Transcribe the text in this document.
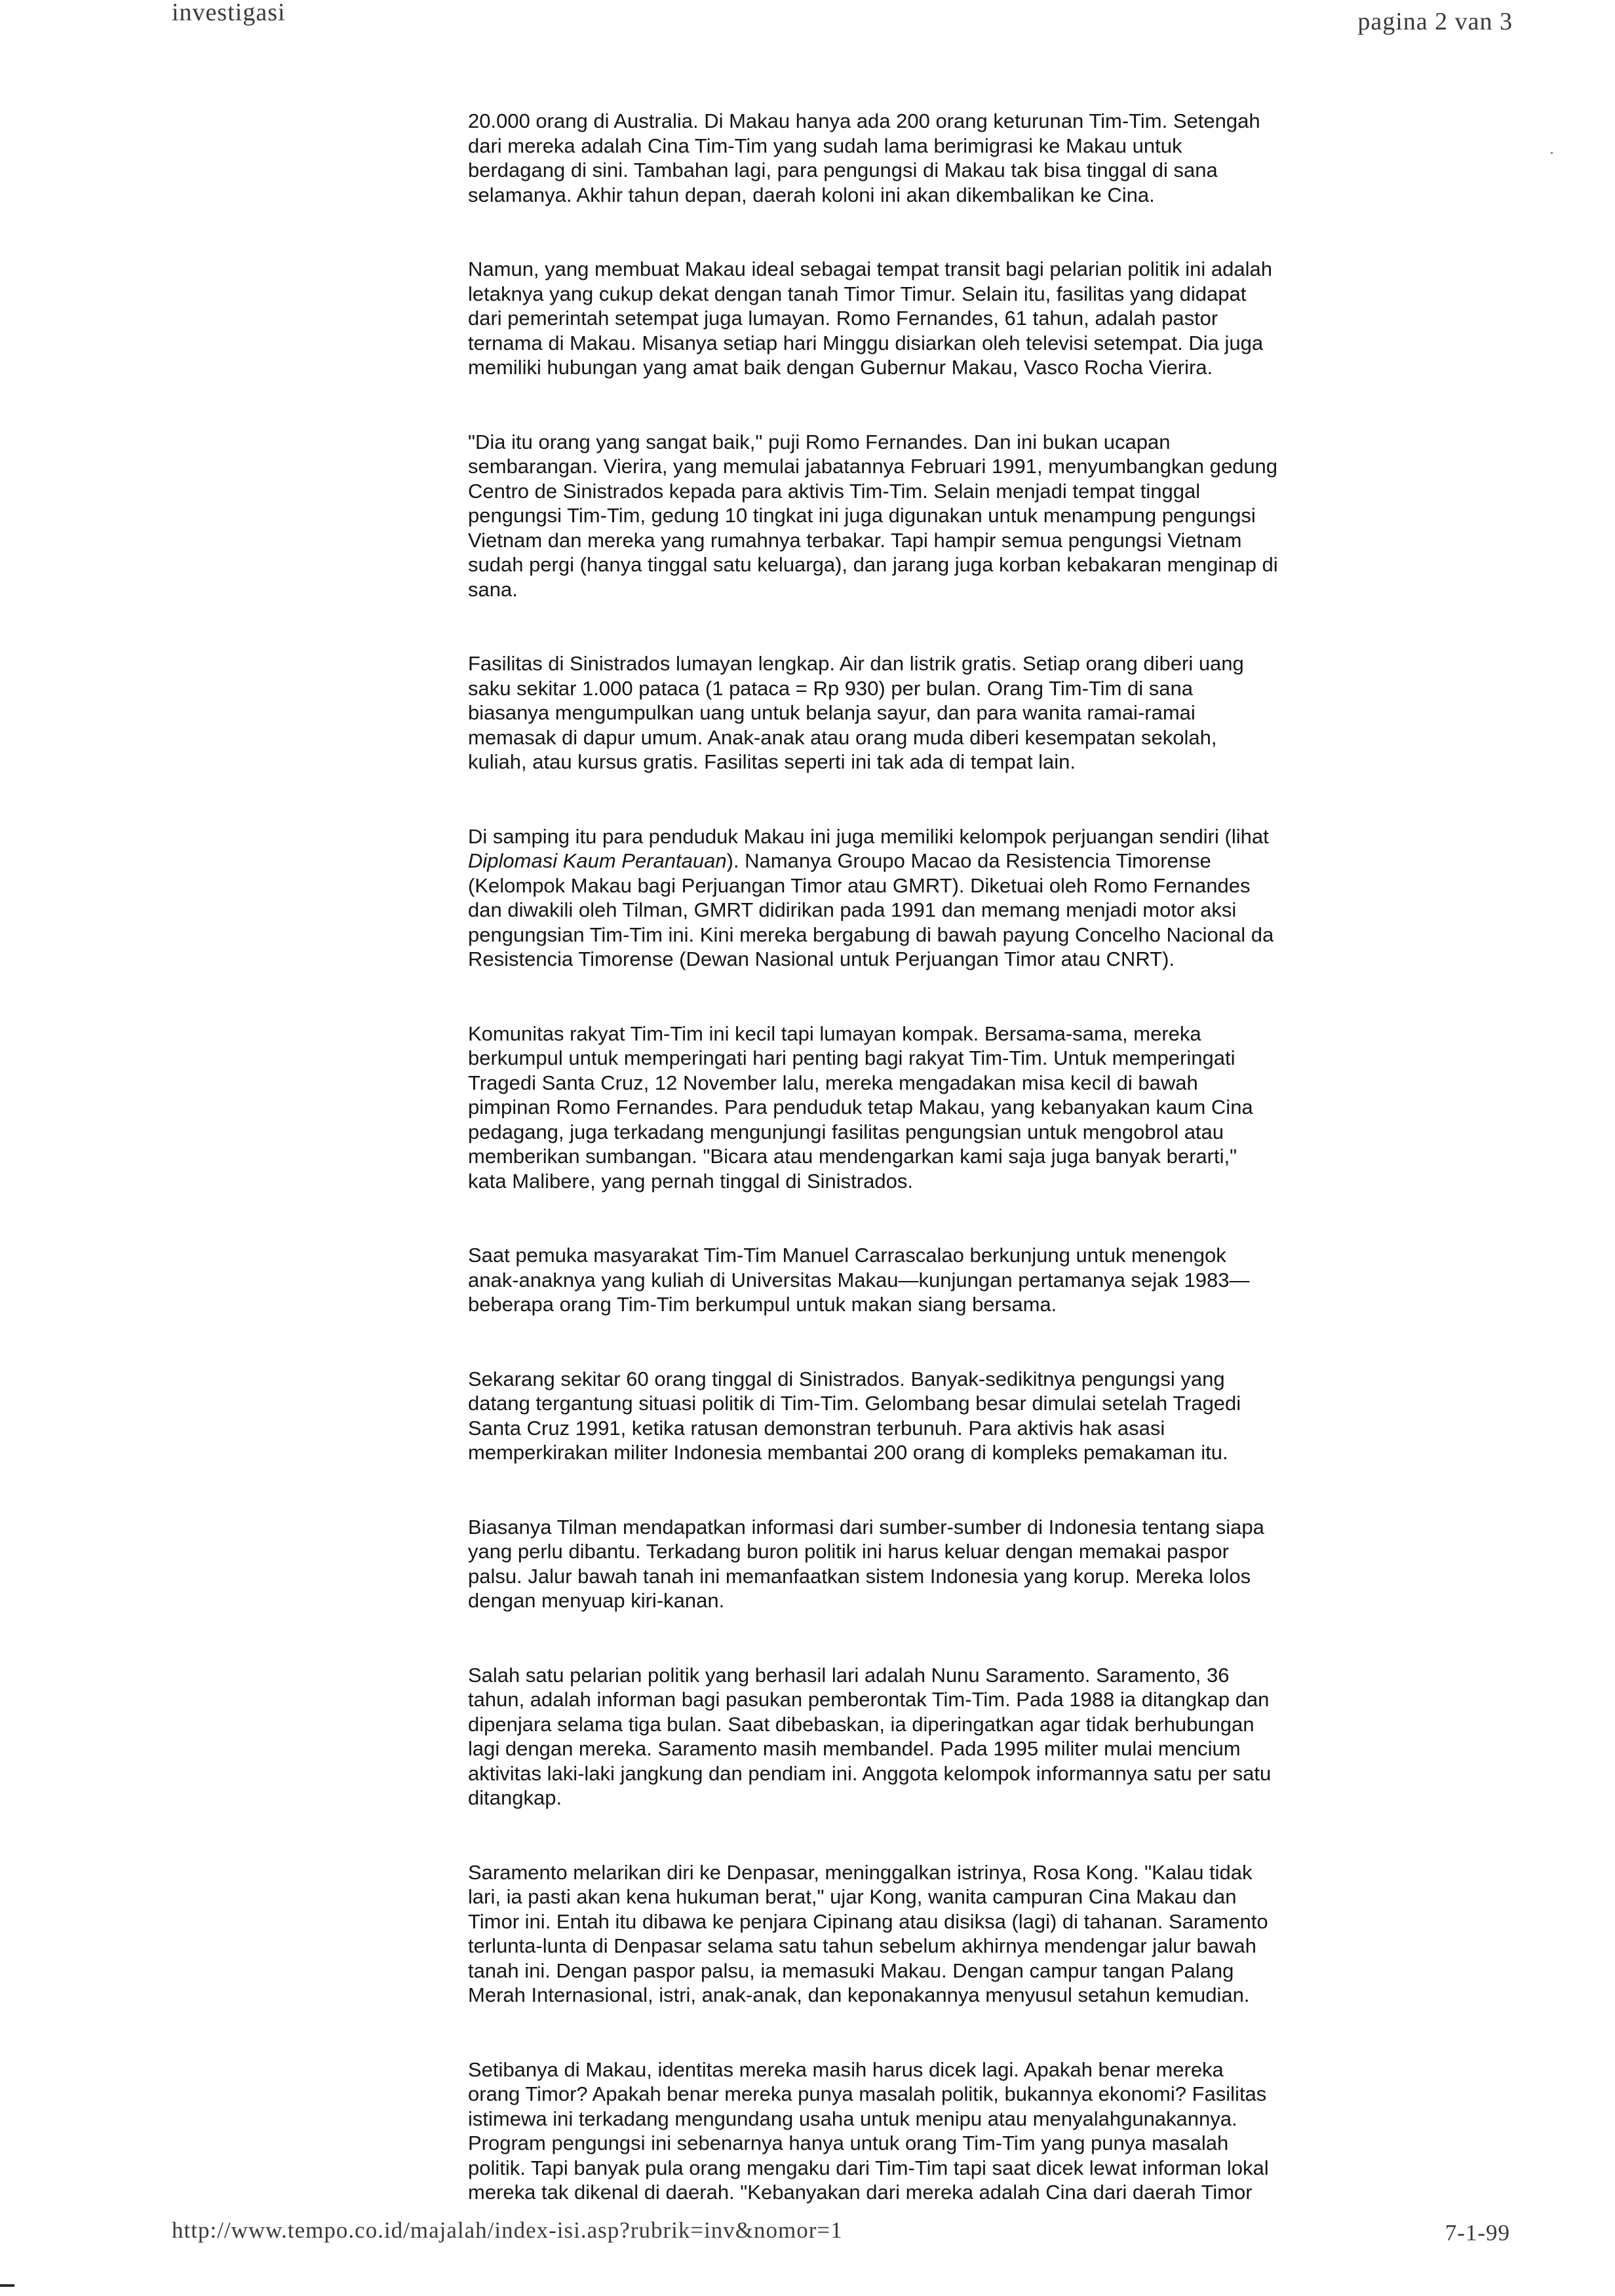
investigasi	pagina 2 van 3

20.000 orang di Australia. Di Makau hanya ada 200 orang keturunan Tim-Tim. Setengah
dari mereka adalah Cina Tim-Tim yang sudah lama berimigrasi ke Makau untuk
berdagang di sini. Tambahan lagi, para pengungsi di Makau tak bisa tinggal di sana
selamanya. Akhir tahun depan, daerah koloni ini akan dikembalikan ke Cina.

Namun, yang membuat Makau ideal sebagai tempat transit bagi pelarian politik ini adalah
letaknya yang cukup dekat dengan tanah Timor Timur. Selain itu, fasilitas yang didapat
dari pemerintah setempat juga lumayan. Romo Fernandes, 61 tahun, adalah pastor
ternama di Makau. Misanya setiap hari Minggu disiarkan oleh televisi setempat. Dia juga
memiliki hubungan yang amat baik dengan Gubernur Makau, Vasco Rocha Vierira.

"Dia itu orang yang sangat baik," puji Romo Fernandes. Dan ini bukan ucapan
sembarangan. Vierira, yang memulai jabatannya Februari 1991, menyumbangkan gedung
Centro de Sinistrados kepada para aktivis Tim-Tim. Selain menjadi tempat tinggal
pengungsi Tim-Tim, gedung 10 tingkat ini juga digunakan untuk menampung pengungsi
Vietnam dan mereka yang rumahnya terbakar. Tapi hampir semua pengungsi Vietnam
sudah pergi (hanya tinggal satu keluarga), dan jarang juga korban kebakaran menginap di
sana.

Fasilitas di Sinistrados lumayan lengkap. Air dan listrik gratis. Setiap orang diberi uang
saku sekitar 1.000 pataca (1 pataca = Rp 930) per bulan. Orang Tim-Tim di sana
biasanya mengumpulkan uang untuk belanja sayur, dan para wanita ramai-ramai
memasak di dapur umum. Anak-anak atau orang muda diberi kesempatan sekolah,
kuliah, atau kursus gratis. Fasilitas seperti ini tak ada di tempat lain.

Di samping itu para penduduk Makau ini juga memiliki kelompok perjuangan sendiri (lihat
Diplomasi Kaum Perantauan). Namanya Groupo Macao da Resistencia Timorense
(Kelompok Makau bagi Perjuangan Timor atau GMRT). Diketuai oleh Romo Fernandes
dan diwakili oleh Tilman, GMRT didirikan pada 1991 dan memang menjadi motor aksi
pengungsian Tim-Tim ini. Kini mereka bergabung di bawah payung Concelho Nacional da
Resistencia Timorense (Dewan Nasional untuk Perjuangan Timor atau CNRT).

Komunitas rakyat Tim-Tim ini kecil tapi lumayan kompak. Bersama-sama, mereka
berkumpul untuk memperingati hari penting bagi rakyat Tim-Tim. Untuk memperingati
Tragedi Santa Cruz, 12 November lalu, mereka mengadakan misa kecil di bawah
pimpinan Romo Fernandes. Para penduduk tetap Makau, yang kebanyakan kaum Cina
pedagang, juga terkadang mengunjungi fasilitas pengungsian untuk mengobrol atau
memberikan sumbangan. "Bicara atau mendengarkan kami saja juga banyak berarti,"
kata Malibere, yang pernah tinggal di Sinistrados.

Saat pemuka masyarakat Tim-Tim Manuel Carrascalao berkunjung untuk menengok
anak-anaknya yang kuliah di Universitas Makau—kunjungan pertamanya sejak 1983—
beberapa orang Tim-Tim berkumpul untuk makan siang bersama.

Sekarang sekitar 60 orang tinggal di Sinistrados. Banyak-sedikitnya pengungsi yang
datang tergantung situasi politik di Tim-Tim. Gelombang besar dimulai setelah Tragedi
Santa Cruz 1991, ketika ratusan demonstran terbunuh. Para aktivis hak asasi
memperkirakan militer Indonesia membantai 200 orang di kompleks pemakaman itu.

Biasanya Tilman mendapatkan informasi dari sumber-sumber di Indonesia tentang siapa
yang perlu dibantu. Terkadang buron politik ini harus keluar dengan memakai paspor
palsu. Jalur bawah tanah ini memanfaatkan sistem Indonesia yang korup. Mereka lolos
dengan menyuap kiri-kanan.

Salah satu pelarian politik yang berhasil lari adalah Nunu Saramento. Saramento, 36
tahun, adalah informan bagi pasukan pemberontak Tim-Tim. Pada 1988 ia ditangkap dan
dipenjara selama tiga bulan. Saat dibebaskan, ia diperingatkan agar tidak berhubungan
lagi dengan mereka. Saramento masih membandel. Pada 1995 militer mulai mencium
aktivitas laki-laki jangkung dan pendiam ini. Anggota kelompok informannya satu per satu
ditangkap.

Saramento melarikan diri ke Denpasar, meninggalkan istrinya, Rosa Kong. "Kalau tidak
lari, ia pasti akan kena hukuman berat," ujar Kong, wanita campuran Cina Makau dan
Timor ini. Entah itu dibawa ke penjara Cipinang atau disiksa (lagi) di tahanan. Saramento
terlunta-lunta di Denpasar selama satu tahun sebelum akhirnya mendengar jalur bawah
tanah ini. Dengan paspor palsu, ia memasuki Makau. Dengan campur tangan Palang
Merah Internasional, istri, anak-anak, dan keponakannya menyusul setahun kemudian.

Setibanya di Makau, identitas mereka masih harus dicek lagi. Apakah benar mereka
orang Timor? Apakah benar mereka punya masalah politik, bukannya ekonomi? Fasilitas
istimewa ini terkadang mengundang usaha untuk menipu atau menyalahgunakannya.
Program pengungsi ini sebenarnya hanya untuk orang Tim-Tim yang punya masalah
politik. Tapi banyak pula orang mengaku dari Tim-Tim tapi saat dicek lewat informan lokal
mereka tak dikenal di daerah. "Kebanyakan dari mereka adalah Cina dari daerah Timor

http://www.tempo.co.id/majalah/index-isi.asp?rubrik=inv&nomor=1	7-1-99
